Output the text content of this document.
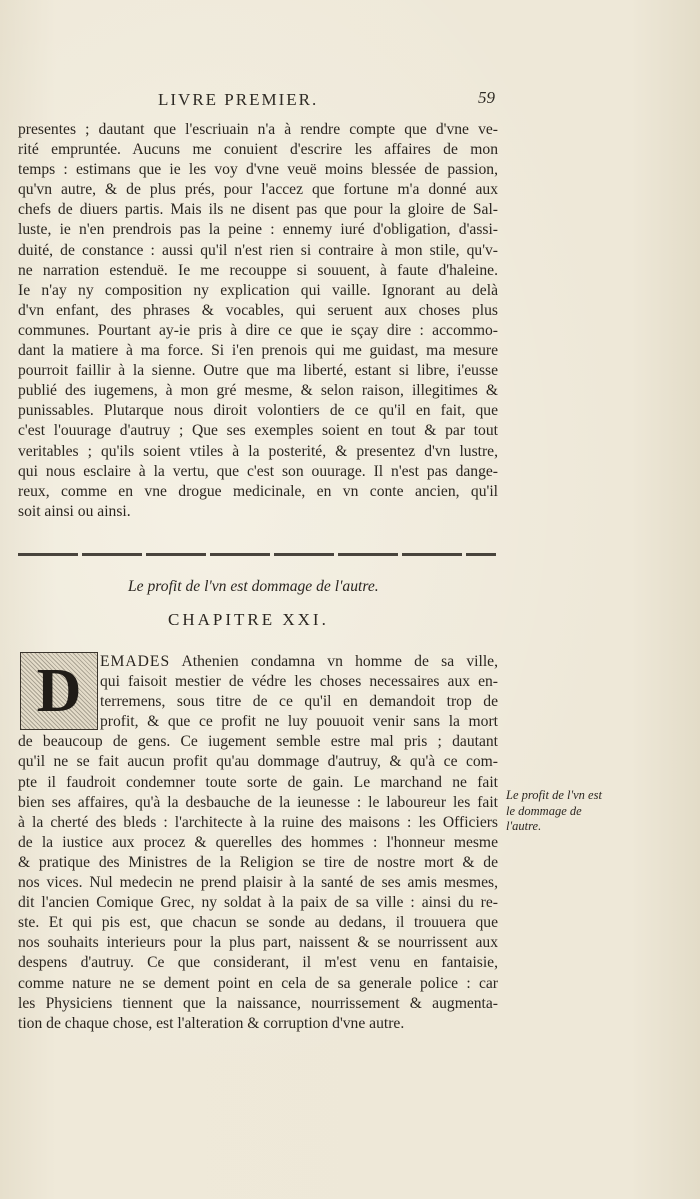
LIVRE PREMIER.	59
presentes ; dautant que l'escriuain n'a à rendre compte que d'vne ve-
rité empruntée. Aucuns me conuient d'escrire les affaires de mon
temps : estimans que ie les voy d'vne veuë moins blessée de passion,
qu'vn autre, & de plus prés, pour l'accez que fortune m'a donné aux
chefs de diuers partis. Mais ils ne disent pas que pour la gloire de Sal-
luste, ie n'en prendrois pas la peine : ennemy iuré d'obligation, d'assi-
duité, de constance : aussi qu'il n'est rien si contraire à mon stile, qu'v-
ne narration estenduë. Ie me recouppe si souuent, à faute d'haleine.
Ie n'ay ny composition ny explication qui vaille. Ignorant au delà
d'vn enfant, des phrases & vocables, qui seruent aux choses plus
communes. Pourtant ay-ie pris à dire ce que ie sçay dire : accommo-
dant la matiere à ma force. Si i'en prenois qui me guidast, ma mesure
pourroit faillir à la sienne. Outre que ma liberté, estant si libre, i'eusse
publié des iugemens, à mon gré mesme, & selon raison, illegitimes &
punissables. Plutarque nous diroit volontiers de ce qu'il en fait, que
c'est l'ouurage d'autruy ; Que ses exemples soient en tout & par tout
veritables ; qu'ils soient vtiles à la posterité, & presentez d'vn lustre,
qui nous esclaire à la vertu, que c'est son ouurage. Il n'est pas dange-
reux, comme en vne drogue medicinale, en vn conte ancien, qu'il
soit ainsi ou ainsi.
Le profit de l'vn est dommage de l'autre.
CHAPITRE XXI.
D	EMADES Athenien condamna vn homme de sa ville,
qui faisoit mestier de védre les choses necessaires aux en-
terremens, sous titre de ce qu'il en demandoit trop de
profit, & que ce profit ne luy pouuoit venir sans la mort
de beaucoup de gens. Ce iugement semble estre mal pris ; dautant
qu'il ne se fait aucun profit qu'au dommage d'autruy, & qu'à ce com-
pte il faudroit condemner toute sorte de gain. Le marchand ne fait
bien ses affaires, qu'à la desbauche de la ieunesse : le laboureur les fait
à la cherté des bleds : l'architecte à la ruine des maisons : les Officiers
de la iustice aux procez & querelles des hommes : l'honneur mesme
& pratique des Ministres de la Religion se tire de nostre mort & de
nos vices. Nul medecin ne prend plaisir à la santé de ses amis mesmes,
dit l'ancien Comique Grec, ny soldat à la paix de sa ville : ainsi du re-
ste. Et qui pis est, que chacun se sonde au dedans, il trouuera que
nos souhaits interieurs pour la plus part, naissent & se nourrissent aux
despens d'autruy. Ce que considerant, il m'est venu en fantaisie,
comme nature ne se dement point en cela de sa generale police : car
les Physiciens tiennent que la naissance, nourrissement & augmenta-
tion de chaque chose, est l'alteration & corruption d'vne autre.
Le profit de l'vn est
le dommage de
l'autre.
